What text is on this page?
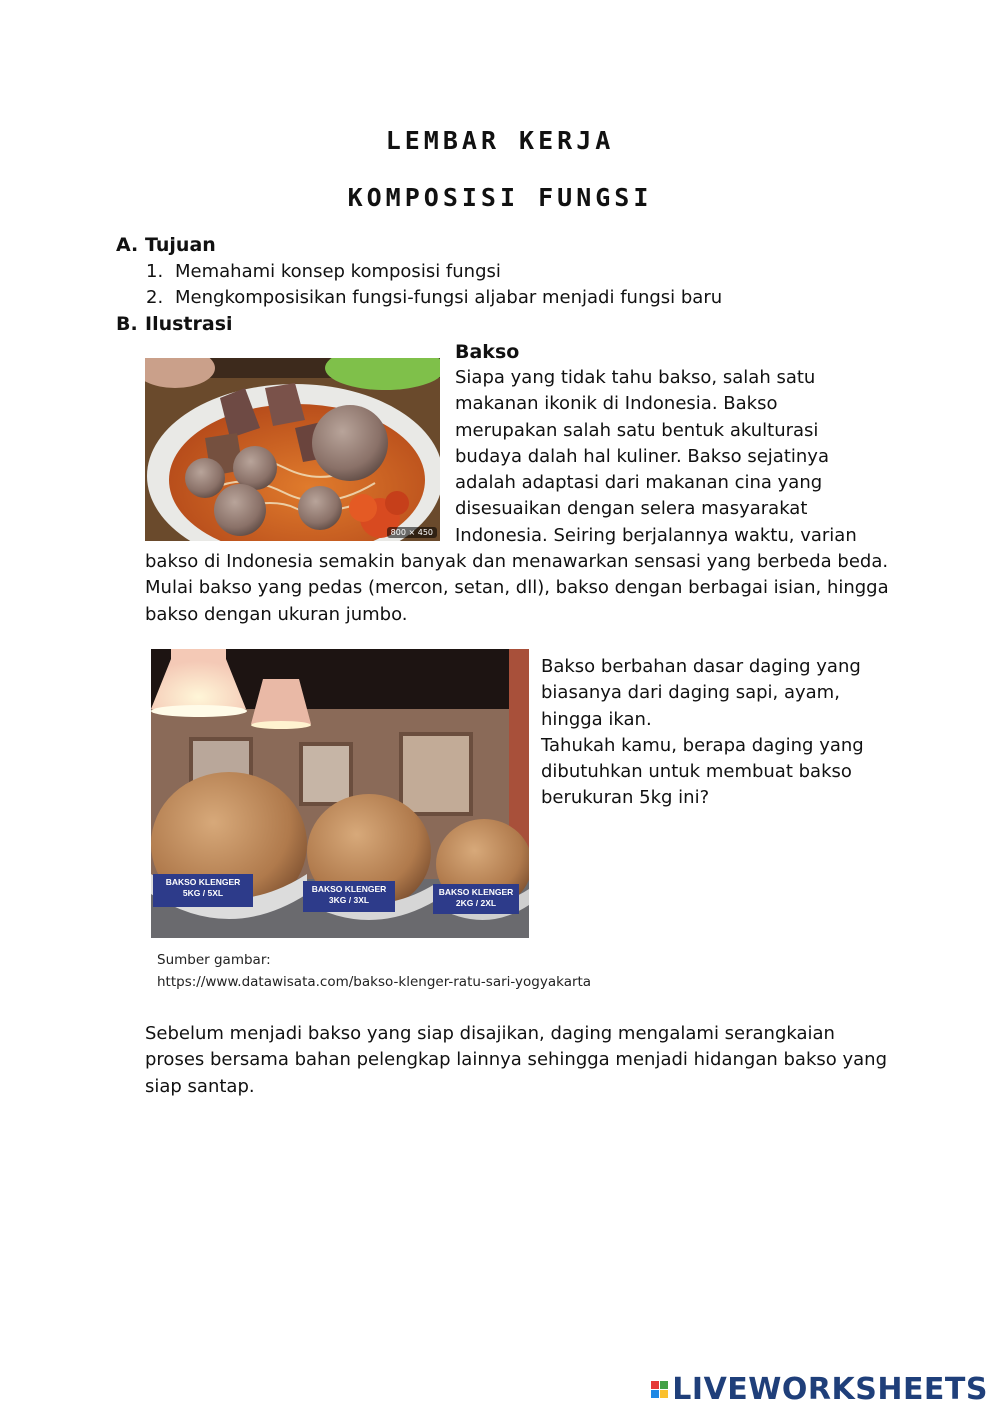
LEMBAR KERJA
KOMPOSISI FUNGSI
A. Tujuan
1. Memahami konsep komposisi fungsi
2. Mengkomposisikan fungsi-fungsi aljabar menjadi fungsi baru
B. Ilustrasi
800 × 450
Bakso
Siapa yang tidak tahu bakso, salah satu
makanan ikonik di Indonesia. Bakso
merupakan salah satu bentuk akulturasi
budaya dalah hal kuliner. Bakso sejatinya
adalah adaptasi dari makanan cina yang
disesuaikan dengan selera masyarakat
Indonesia. Seiring berjalannya waktu, varian
bakso di Indonesia semakin banyak dan menawarkan sensasi yang berbeda beda.
Mulai bakso yang pedas (mercon, setan, dll), bakso dengan berbagai isian, hingga
bakso dengan ukuran jumbo.
BAKSO KLENGER
5KG / 5XL	BAKSO KLENGER
3KG / 3XL
BAKSO KLENGER
2KG / 2XL
Bakso berbahan dasar daging yang
biasanya dari daging sapi, ayam,
hingga ikan.
Tahukah kamu, berapa daging yang
dibutuhkan untuk membuat bakso
berukuran 5kg ini?
Sumber gambar:
https://www.datawisata.com/bakso-klenger-ratu-sari-yogyakarta
Sebelum menjadi bakso yang siap disajikan, daging mengalami serangkaian
proses bersama bahan pelengkap lainnya sehingga menjadi hidangan bakso yang
siap santap.
LIVEWORKSHEETS
